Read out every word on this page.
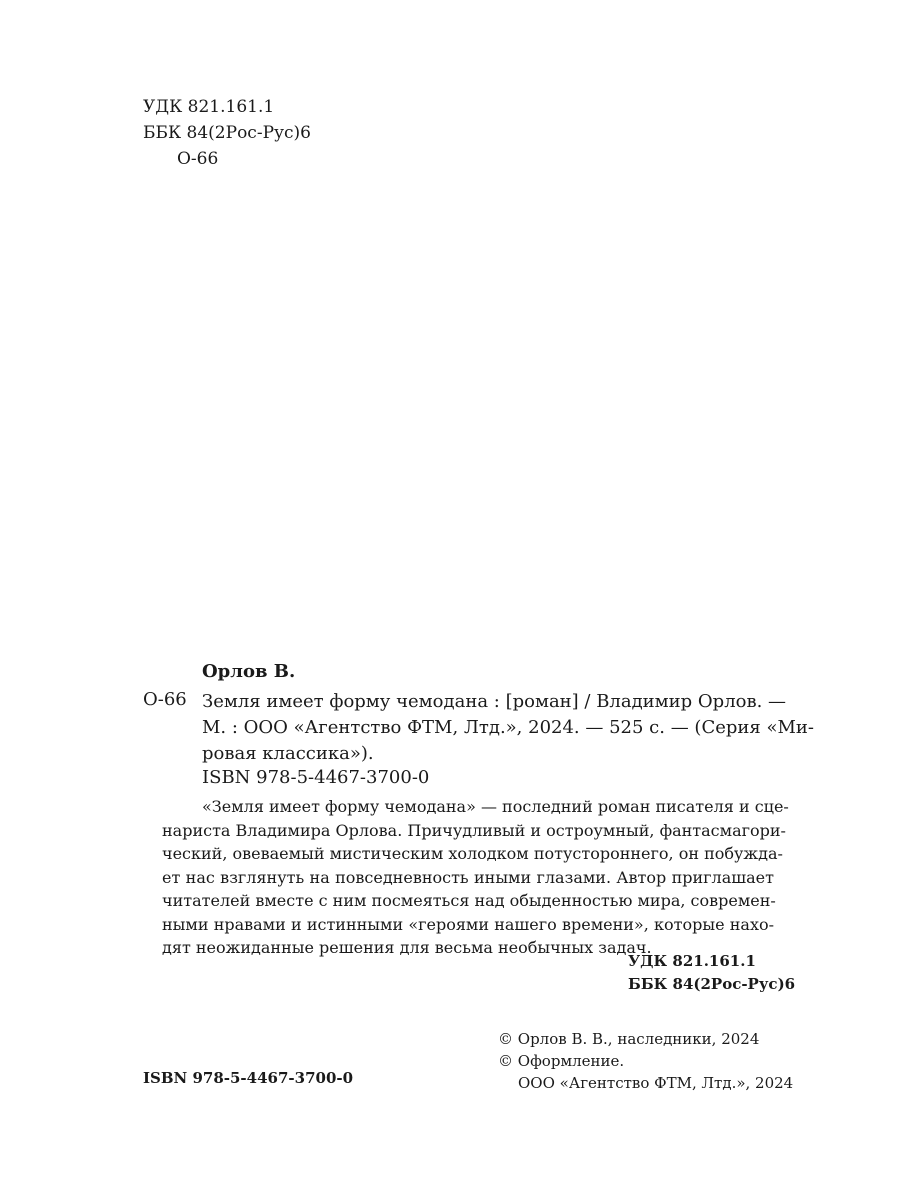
УДК 821.161.1
ББК 84(2Рос-Рус)6
О-66
Орлов В.
О-66 Земля имеет форму чемодана : [роман] / Владимир Орлов. —
М. : ООО «Агентство ФТМ, Лтд.», 2024. — 525 с. — (Серия «Ми-
ровая классика»).
ISBN 978-5-4467-3700-0
«Земля имеет форму чемодана» — последний роман писателя и сце-
нариста Владимира Орлова. Причудливый и остроумный, фантасмагори-
ческий, овеваемый мистическим холодком потустороннего, он побужда-
ет нас взглянуть на повседневность иными глазами. Автор приглашает
читателей вместе с ним посмеяться над обыденностью мира, современ-
ными нравами и истинными «героями нашего времени», которые нахо-
дят неожиданные решения для весьма необычных задач.
УДК 821.161.1
ББК 84(2Рос-Рус)6
© Орлов В. В., наследники, 2024
© Оформление.
ООО «Агентство ФТМ, Лтд.», 2024
ISBN 978-5-4467-3700-0
